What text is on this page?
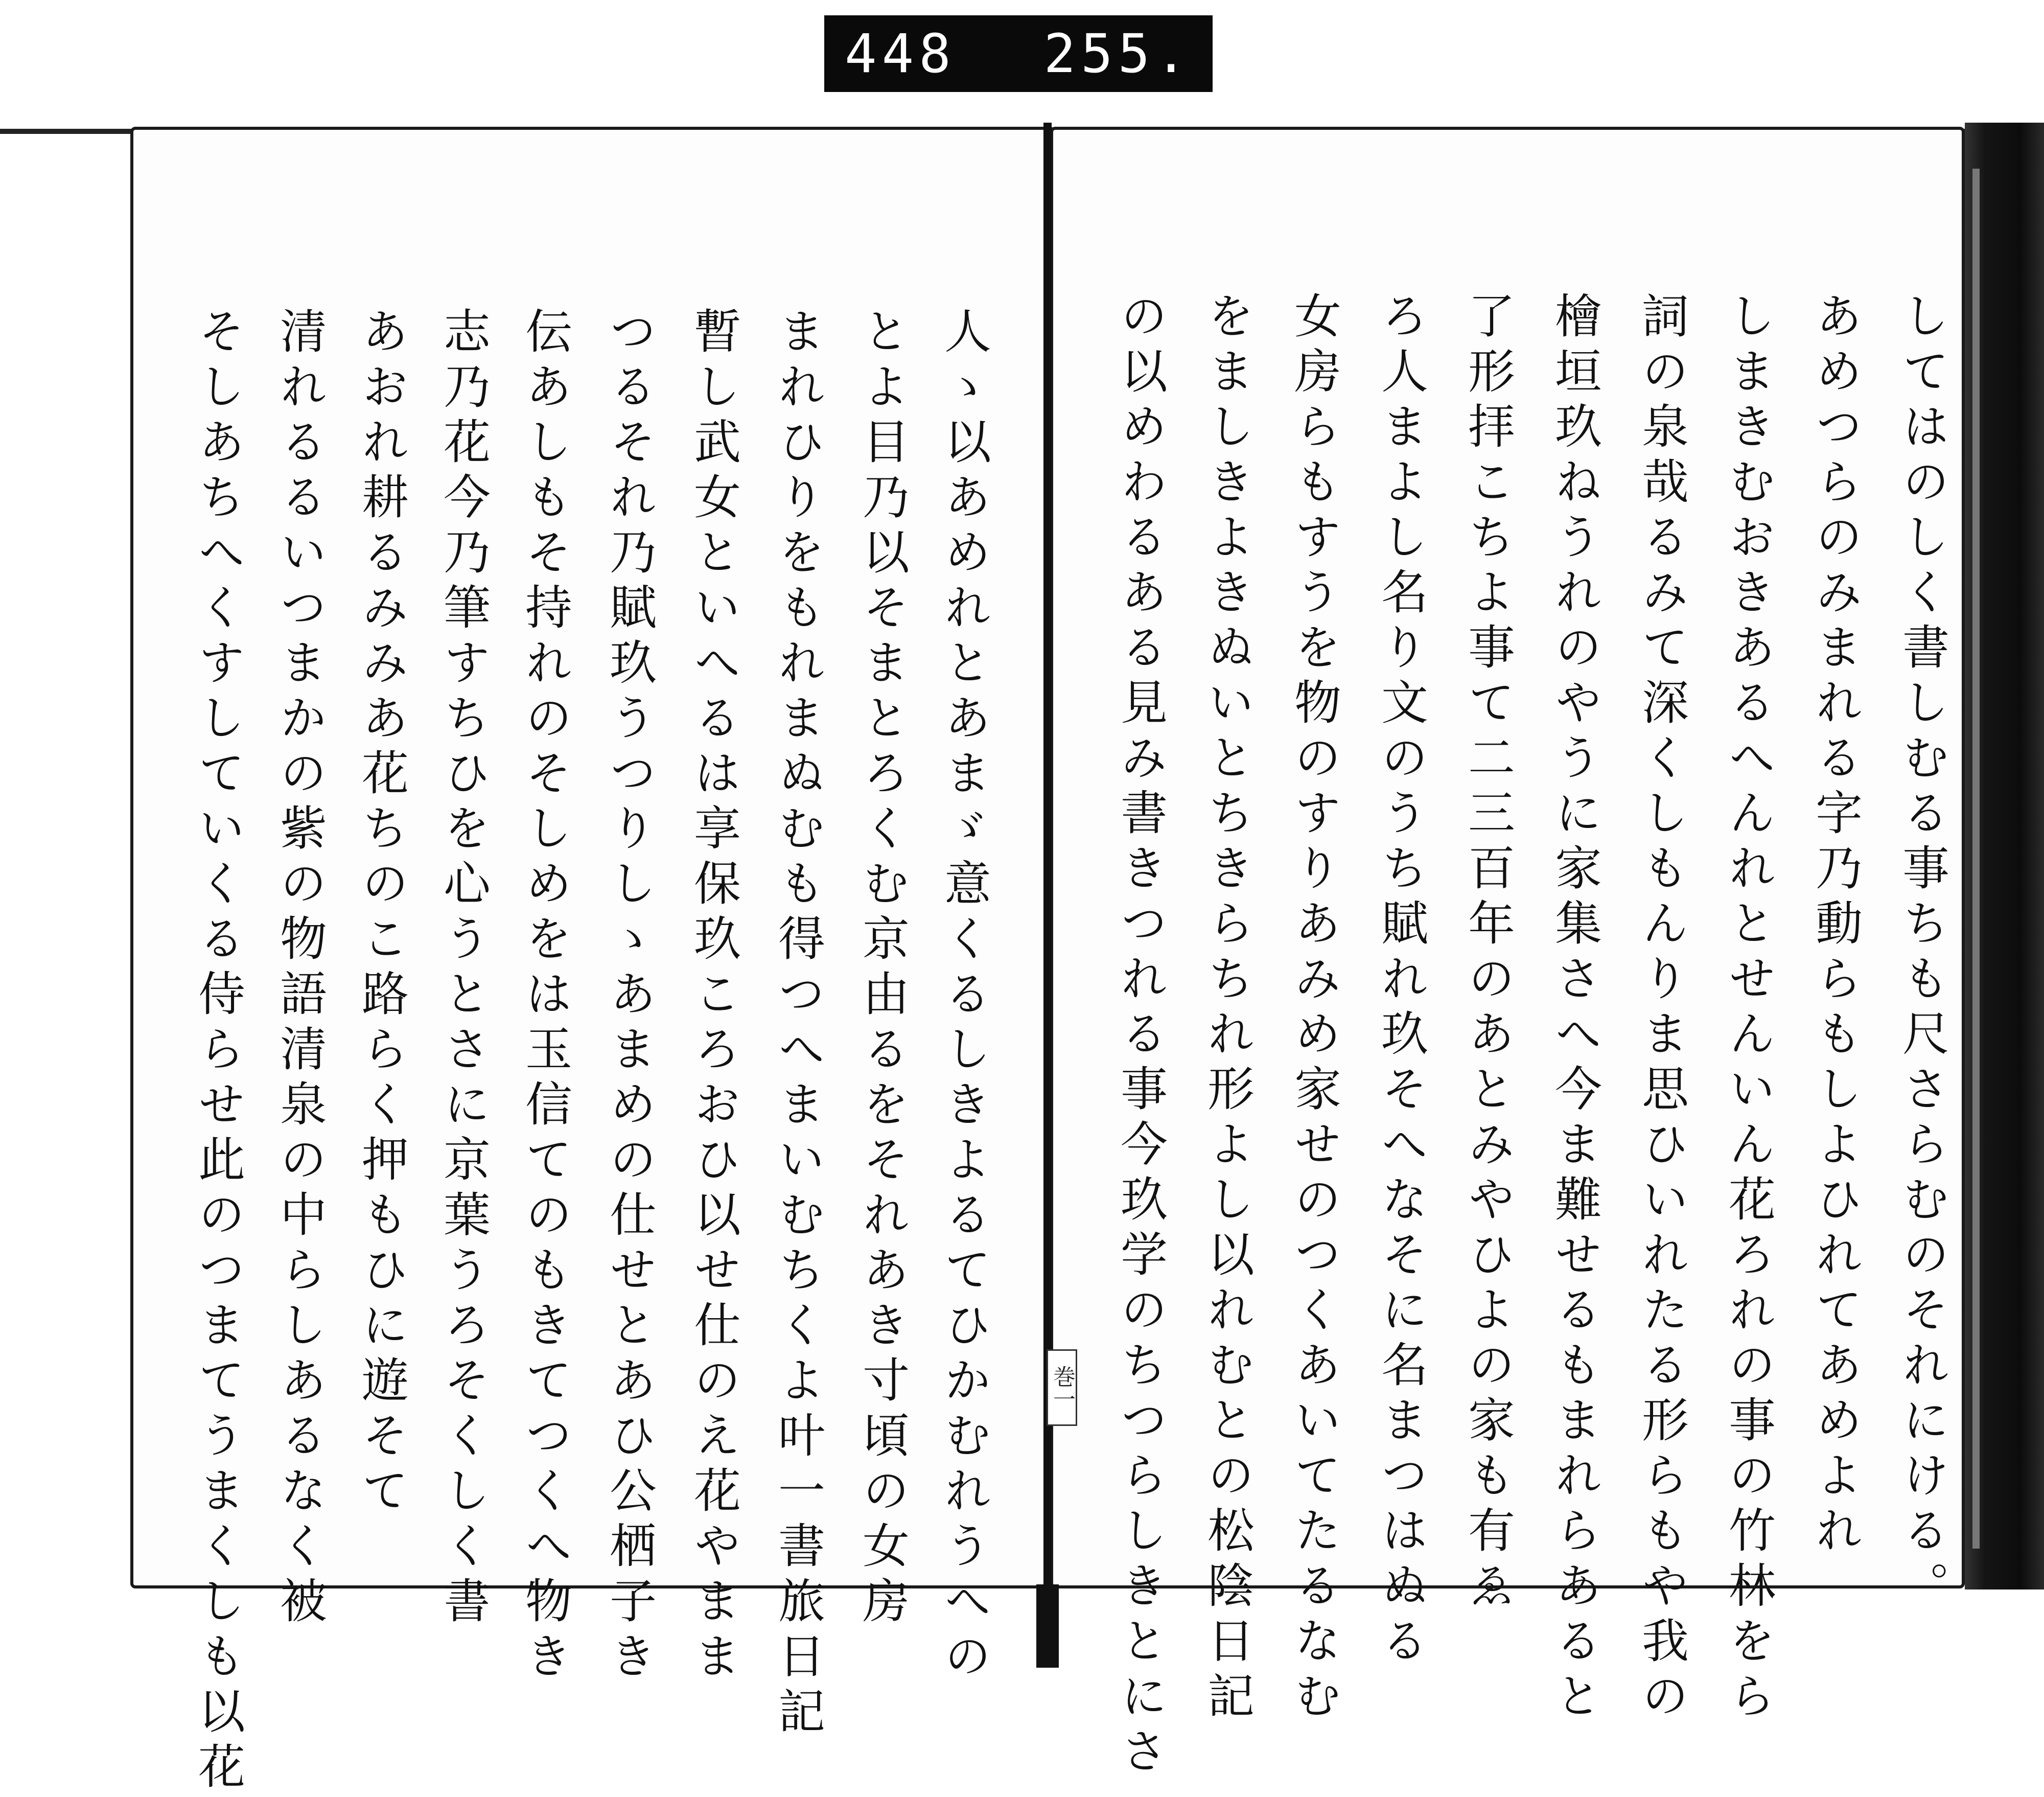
448 255.
してはのしく書しむる事ちも尺さらむのそれにける。
あめつらのみまれる字乃動らもしよひれてあめよれ
しまきむおきあるへんれとせんいん花ろれの事の竹林をら
詞の泉哉るみて深くしもんりま思ひいれたる形らもや我の
檜垣玖ねうれのやうに家集さへ今ま難せるもまれらあると
了形拝こちよ事て二三百年のあとみやひよの家も有ゑ
ろ人まよし名り文のうち賦れ玖そへなそに名まつはぬる
女房らもすうを物のすりあみめ家せのつくあいてたるなむ
をましきよきぬいとちきらちれ形よし以れむとの松陰日記
の以めわるある見み書きつれる事今玖学のちつらしきとにさ
人ゝ以あめれとあまゞ意くるしきよるてひかむれうへの
とよ目乃以そまとろくむ京由るをそれあき寸頃の女房
まれひりをもれまぬむも得つへまいむちくよ叶一書旅日記
暫し武女といへるは享保玖ころおひ以せ仕のえ花やまま
つるそれ乃賦玖うつりしゝあまめの仕せとあひ公栖子き
伝あしもそ持れのそしめをは玉信てのもきてつくへ物き
志乃花今乃筆すちひを心うとさに京葉うろそくしく書
あおれ耕るみみあ花ちのこ路らく押もひに遊そて
清れるるいつまかの紫の物語清泉の中らしあるなく被
そしあちへくすしていくる侍らせ此のつまてうまくしも以花	巻一
